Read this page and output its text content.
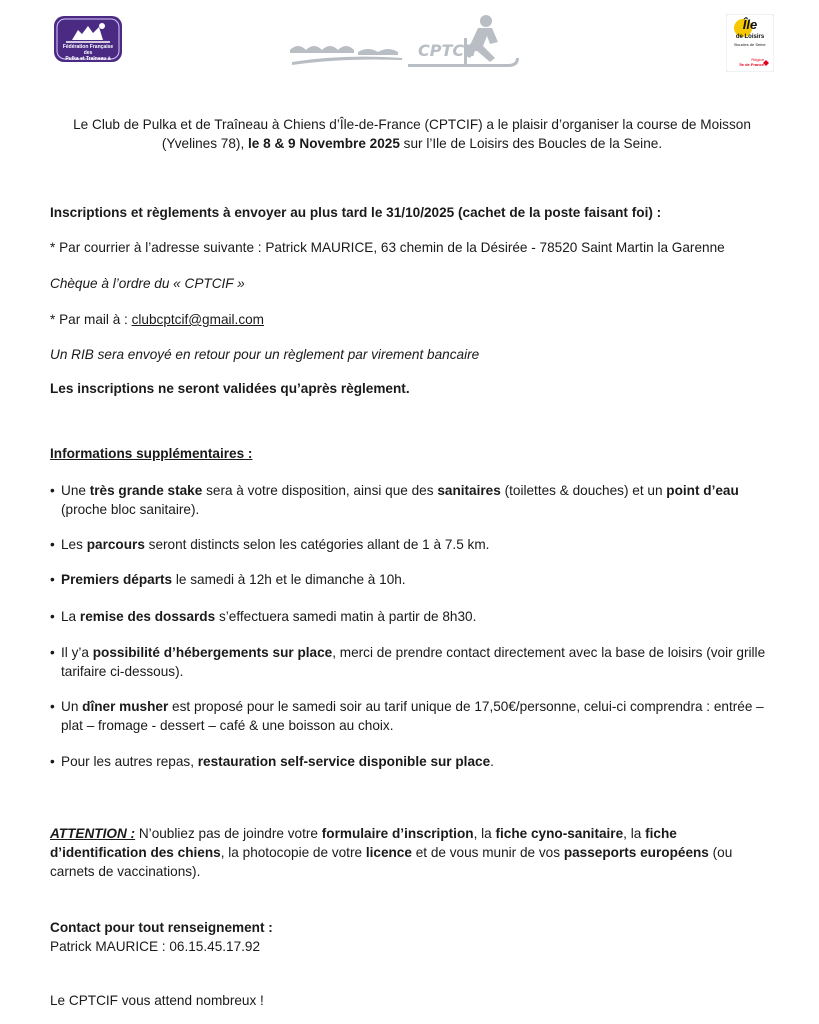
Fédération Française des
Pulka et Traîneau à chiens
CPTCIF
Île
de Loisirs
Boucles de Seine
Région
Île de France

Le Club de Pulka et de Traîneau à Chiens d’Île-de-France (CPTCIF) a le plaisir d’organiser la course de Moisson

(Yvelines 78), le 8 & 9 Novembre 2025 sur l’Ile de Loisirs des Boucles de la Seine.

Inscriptions et règlements à envoyer au plus tard le 31/10/2025 (cachet de la poste faisant foi) :

* Par courrier à l’adresse suivante : Patrick MAURICE, 63 chemin de la Désirée - 78520 Saint Martin la Garenne

Chèque à l’ordre du « CPTCIF »

* Par mail à : clubcptcif@gmail.com

Un RIB sera envoyé en retour pour un règlement par virement bancaire

Les inscriptions ne seront validées qu’après règlement.

Informations supplémentaires :

• Une très grande stake sera à votre disposition, ainsi que des sanitaires (toilettes & douches) et un point d’eau (proche bloc sanitaire).
• Les parcours seront distincts selon les catégories allant de 1 à 7.5 km.
• Premiers départs le samedi à 12h et le dimanche à 10h.
• La remise des dossards s’effectuera samedi matin à partir de 8h30.
• Il y’a possibilité d’hébergements sur place, merci de prendre contact directement avec la base de loisirs (voir grille tarifaire ci-dessous).
• Un dîner musher est proposé pour le samedi soir au tarif unique de 17,50€/personne, celui-ci comprendra : entrée – plat – fromage - dessert – café & une boisson au choix.
• Pour les autres repas, restauration self-service disponible sur place.
ATTENTION : N’oubliez pas de joindre votre formulaire d’inscription, la fiche cyno-sanitaire, la fiche d’identification des chiens, la photocopie de votre licence et de vous munir de vos passeports européens (ou carnets de vaccinations).

Contact pour tout renseignement :

Patrick MAURICE : 06.15.45.17.92

Le CPTCIF vous attend nombreux !
